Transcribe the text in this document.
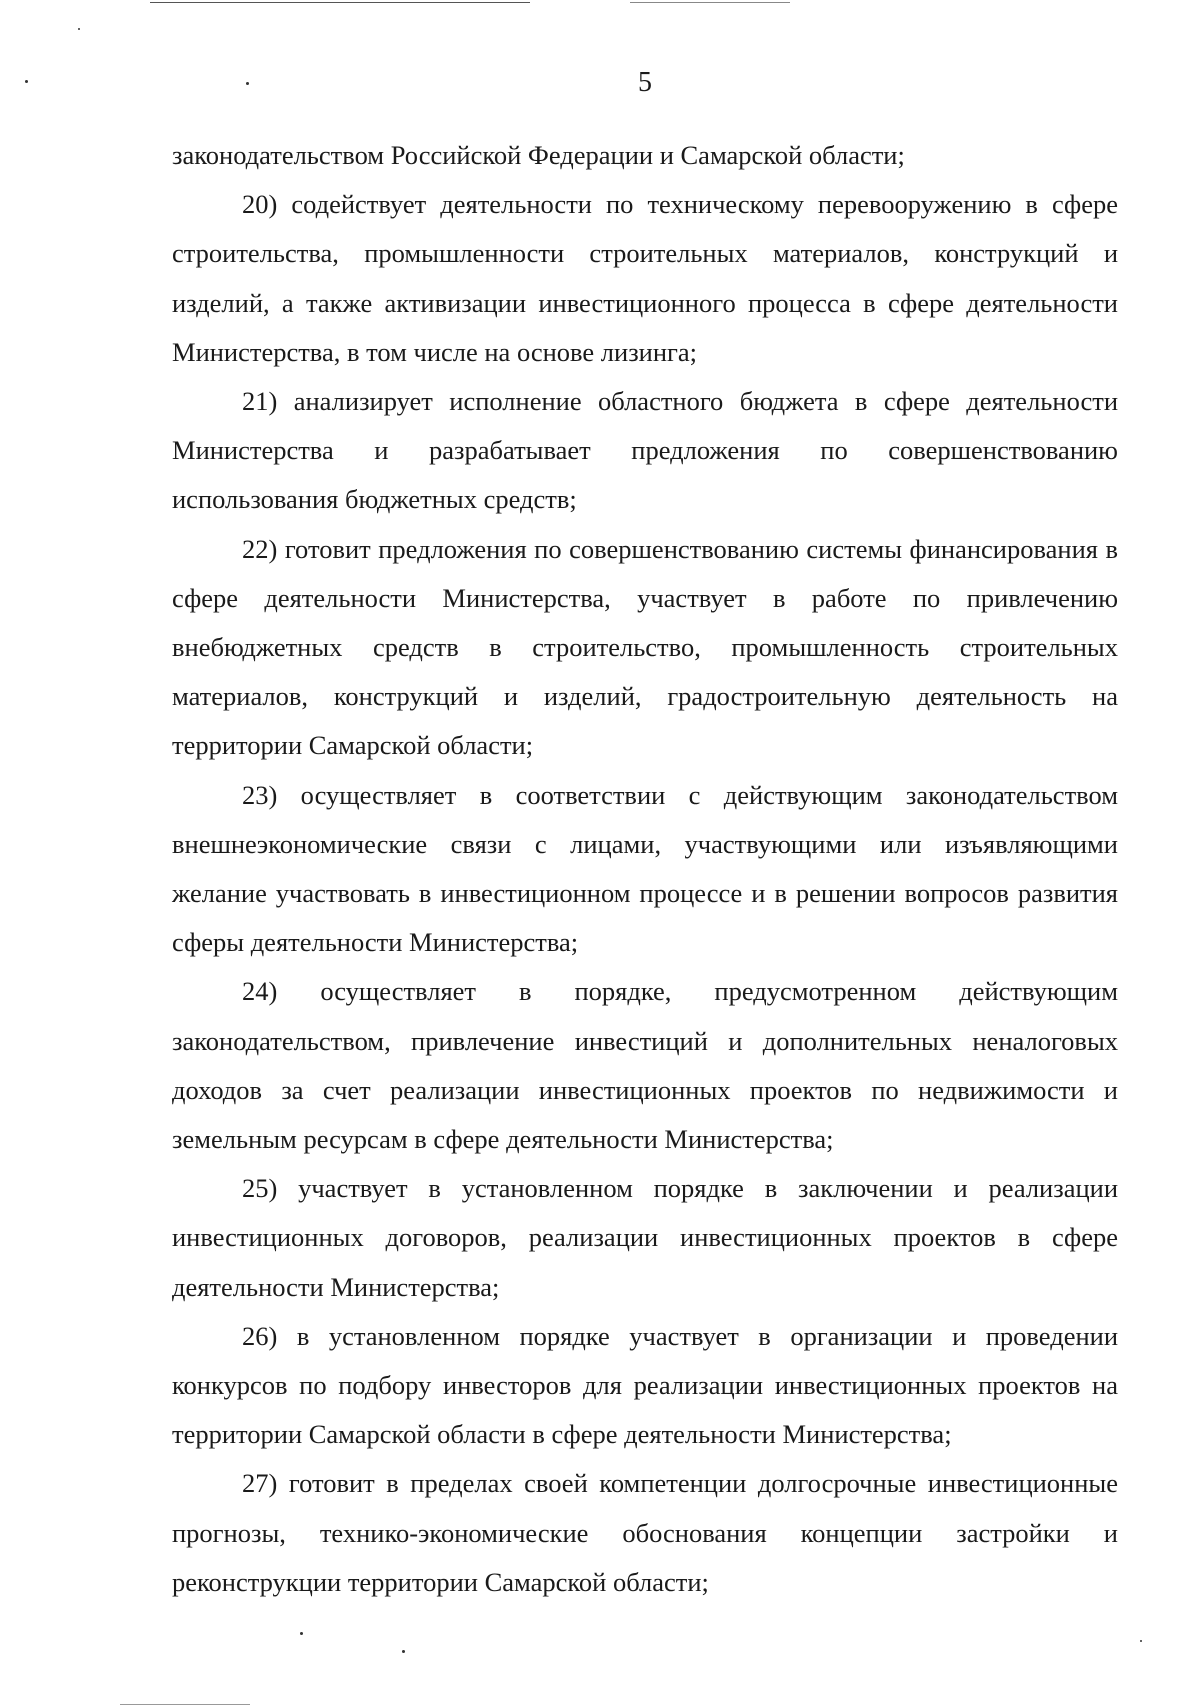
5

законодательством Российской Федерации и Самарской области;

20) содействует деятельности по техническому перевооружению в сфере строительства, промышленности строительных материалов, конструкций и изделий, а также активизации инвестиционного процесса в сфере деятельности Министерства, в том числе на основе лизинга;

21) анализирует исполнение областного бюджета в сфере деятельности Министерства и разрабатывает предложения по совершенствованию использования бюджетных средств;

22) готовит предложения по совершенствованию системы финансирования в сфере деятельности Министерства, участвует в работе по привлечению внебюджетных средств в строительство, промышленность строительных материалов, конструкций и изделий, градостроительную деятельность на территории Самарской области;

23) осуществляет в соответствии с действующим законодательством внешнеэкономические связи с лицами, участвующими или изъявляющими желание участвовать в инвестиционном процессе и в решении вопросов развития сферы деятельности Министерства;

24) осуществляет в порядке, предусмотренном действующим законодательством, привлечение инвестиций и дополнительных неналоговых доходов за счет реализации инвестиционных проектов по недвижимости и земельным ресурсам в сфере деятельности Министерства;

25) участвует в установленном порядке в заключении и реализации инвестиционных договоров, реализации инвестиционных проектов в сфере деятельности Министерства;

26) в установленном порядке участвует в организации и проведении конкурсов по подбору инвесторов для реализации инвестиционных проектов на территории Самарской области в сфере деятельности Министерства;

27) готовит в пределах своей компетенции долгосрочные инвестиционные прогнозы, технико-экономические обоснования концепции застройки и реконструкции территории Самарской области;
